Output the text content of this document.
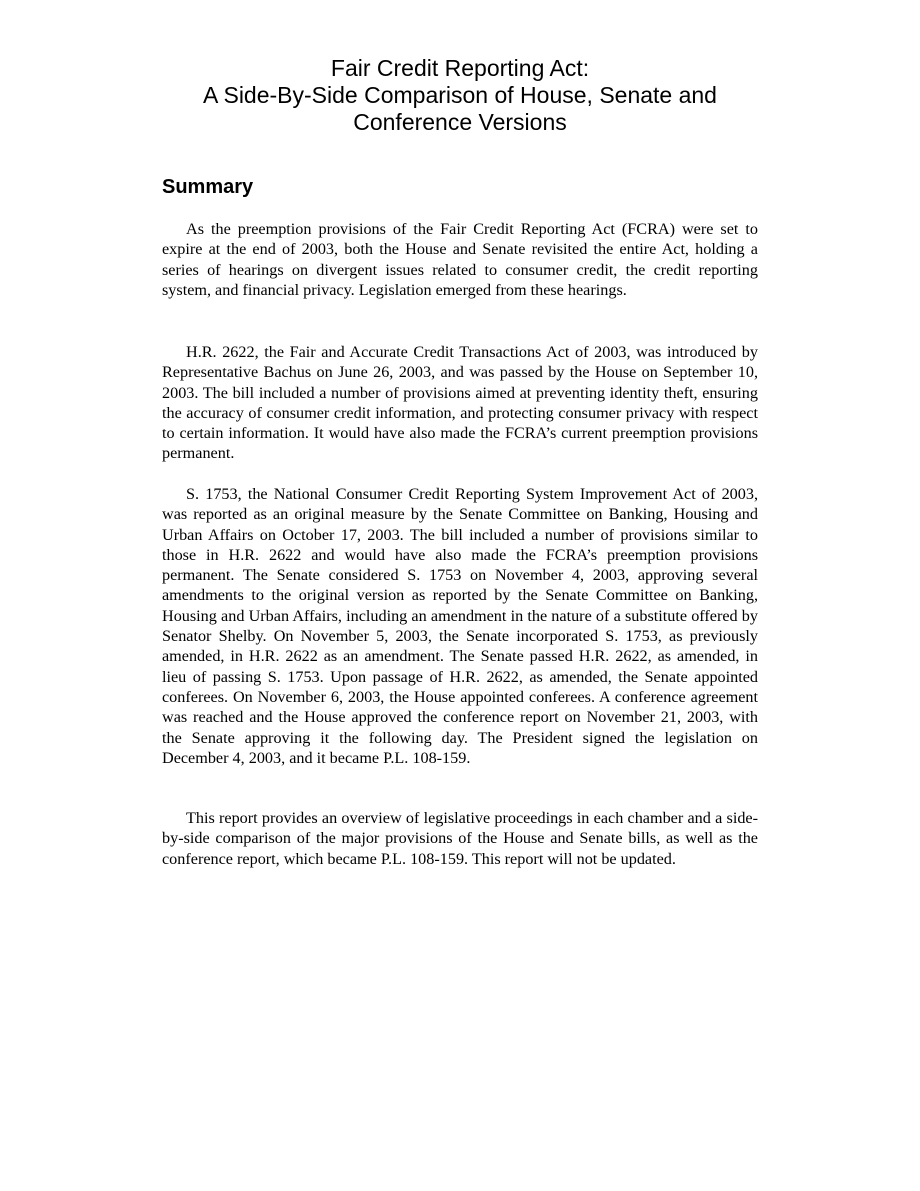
Fair Credit Reporting Act:
A Side-By-Side Comparison of House, Senate and
Conference Versions
Summary

As the preemption provisions of the Fair Credit Reporting Act (FCRA) were set to expire at the end of 2003, both the House and Senate revisited the entire Act, holding a series of hearings on divergent issues related to consumer credit, the credit reporting system, and financial privacy. Legislation emerged from these hearings.

H.R. 2622, the Fair and Accurate Credit Transactions Act of 2003, was introduced by Representative Bachus on June 26, 2003, and was passed by the House on September 10, 2003. The bill included a number of provisions aimed at preventing identity theft, ensuring the accuracy of consumer credit information, and protecting consumer privacy with respect to certain information. It would have also made the FCRA’s current preemption provisions permanent.

S. 1753, the National Consumer Credit Reporting System Improvement Act of 2003, was reported as an original measure by the Senate Committee on Banking, Housing and Urban Affairs on October 17, 2003. The bill included a number of provisions similar to those in H.R. 2622 and would have also made the FCRA’s preemption provisions permanent. The Senate considered S. 1753 on November 4, 2003, approving several amendments to the original version as reported by the Senate Committee on Banking, Housing and Urban Affairs, including an amendment in the nature of a substitute offered by Senator Shelby. On November 5, 2003, the Senate incorporated S. 1753, as previously amended, in H.R. 2622 as an amendment. The Senate passed H.R. 2622, as amended, in lieu of passing S. 1753. Upon passage of H.R. 2622, as amended, the Senate appointed conferees. On November 6, 2003, the House appointed conferees. A conference agreement was reached and the House approved the conference report on November 21, 2003, with the Senate approving it the following day. The President signed the legislation on December 4, 2003, and it became P.L. 108-159.

This report provides an overview of legislative proceedings in each chamber and a side-by-side comparison of the major provisions of the House and Senate bills, as well as the conference report, which became P.L. 108-159. This report will not be updated.
